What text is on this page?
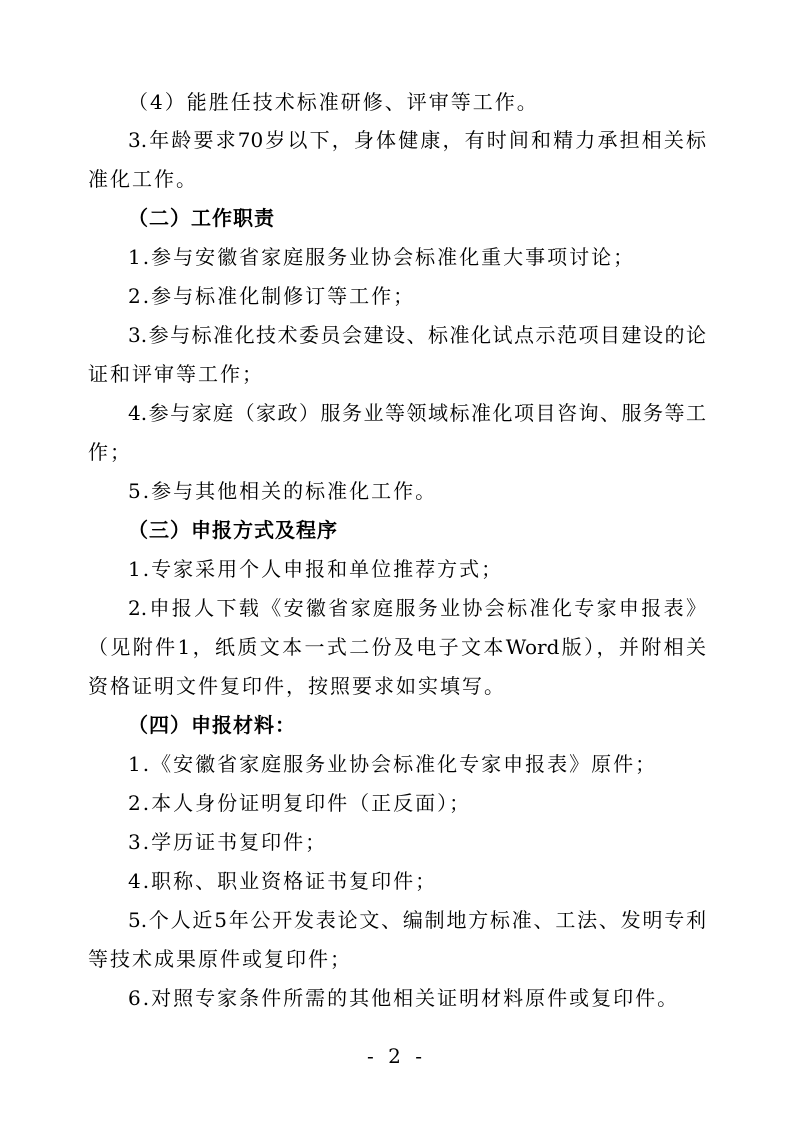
（4）能胜任技术标准研修、评审等工作。
3.年龄要求70岁以下，身体健康，有时间和精力承担相关标
准化工作。
（二）工作职责
1.参与安徽省家庭服务业协会标准化重大事项讨论；
2.参与标准化制修订等工作；
3.参与标准化技术委员会建设、标准化试点示范项目建设的论
证和评审等工作；
4.参与家庭（家政）服务业等领域标准化项目咨询、服务等工
作；
5.参与其他相关的标准化工作。
（三）申报方式及程序
1.专家采用个人申报和单位推荐方式；
2.申报人下载《安徽省家庭服务业协会标准化专家申报表》
（见附件1，纸质文本一式二份及电子文本Word版），并附相关
资格证明文件复印件，按照要求如实填写。
（四）申报材料：
1.《安徽省家庭服务业协会标准化专家申报表》原件；
2.本人身份证明复印件（正反面）；
3.学历证书复印件；
4.职称、职业资格证书复印件；
5.个人近5年公开发表论文、编制地方标准、工法、发明专利
等技术成果原件或复印件；
6.对照专家条件所需的其他相关证明材料原件或复印件。
- 2 -
